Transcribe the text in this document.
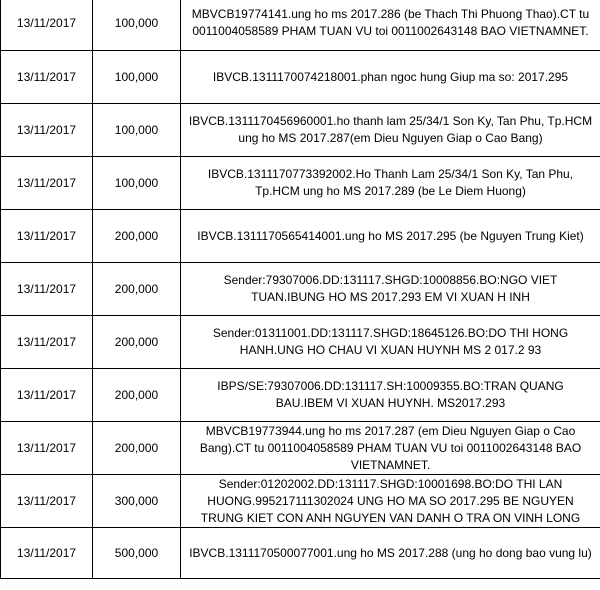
13/11/2017	100,000	MBVCB19774141.ung ho ms 2017.286 (be Thach Thi Phuong Thao).CT tu 0011004058589 PHAM TUAN VU toi 0011002643148 BAO VIETNAMNET.
13/11/2017	100,000	IBVCB.1311170074218001.phan ngoc hung Giup ma so: 2017.295
13/11/2017	100,000	IBVCB.1311170456960001.ho thanh lam 25/34/1 Son Ky, Tan Phu, Tp.HCM ung ho MS 2017.287(em Dieu Nguyen Giap o Cao Bang)
13/11/2017	100,000	IBVCB.1311170773392002.Ho Thanh Lam 25/34/1 Son Ky, Tan Phu, Tp.HCM ung ho MS 2017.289 (be Le Diem Huong)
13/11/2017	200,000	IBVCB.1311170565414001.ung ho MS 2017.295 (be Nguyen Trung Kiet)
13/11/2017	200,000	Sender:79307006.DD:131117.SHGD:10008856.BO:NGO VIET TUAN.IBUNG HO MS 2017.293 EM VI XUAN H INH
13/11/2017	200,000	Sender:01311001.DD:131117.SHGD:18645126.BO:DO THI HONG HANH.UNG HO CHAU VI XUAN HUYNH MS 2 017.2 93
13/11/2017	200,000	IBPS/SE:79307006.DD:131117.SH:10009355.BO:TRAN QUANG BAU.IBEM VI XUAN HUYNH. MS2017.293
13/11/2017	200,000	MBVCB19773944.ung ho ms 2017.287 (em Dieu Nguyen Giap o Cao Bang).CT tu 0011004058589 PHAM TUAN VU toi 0011002643148 BAO VIETNAMNET.
13/11/2017	300,000	Sender:01202002.DD:131117.SHGD:10001698.BO:DO THI LAN HUONG.995217111302024 UNG HO MA SO 2017.295 BE NGUYEN TRUNG KIET CON ANH NGUYEN VAN DANH O TRA ON VINH LONG
13/11/2017	500,000	IBVCB.1311170500077001.ung ho MS 2017.288 (ung ho dong bao vung lu)
